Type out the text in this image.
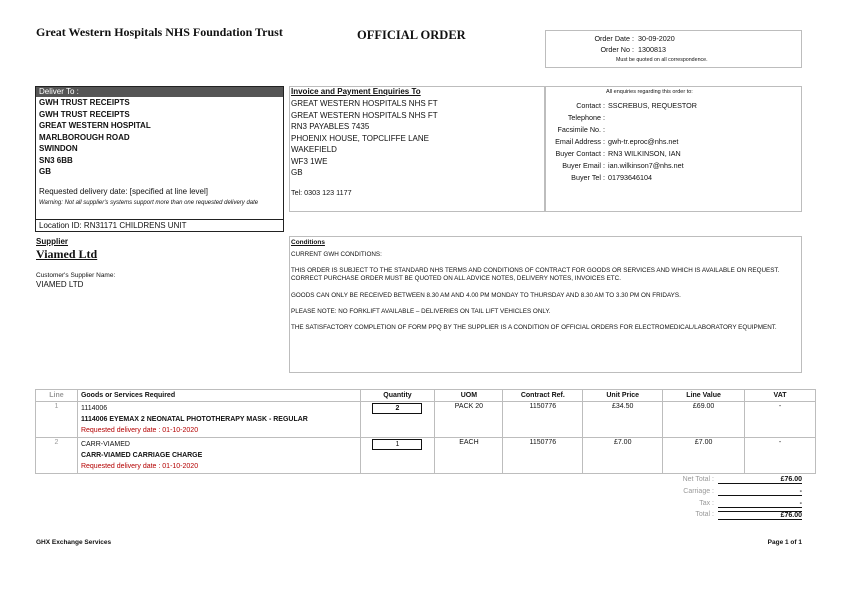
Great Western Hospitals NHS Foundation Trust	OFFICIAL ORDER	Order Date : 30-09-2020
Order No : 1300813
Must be quoted on all correspondence.
Deliver To :
GWH TRUST RECEIPTS
GWH TRUST RECEIPTS
GREAT WESTERN HOSPITAL
MARLBOROUGH ROAD
SWINDON
SN3 6BB
GB
Requested delivery date: [specified at line level]
Warning: Not all supplier's systems support more than one requested delivery date
Location ID: RN31171 CHILDRENS UNIT
Invoice and Payment Enquiries To
GREAT WESTERN HOSPITALS NHS FT
GREAT WESTERN HOSPITALS NHS FT
RN3 PAYABLES 7435
PHOENIX HOUSE, TOPCLIFFE LANE
WAKEFIELD
WF3 1WE
GB
Tel: 0303 123 1177
All enquiries regarding this order to:
Contact : SSCREBUS, REQUESTOR
Telephone :

Facsimile No. :

Email Address : gwh-tr.eproc@nhs.net
Buyer Contact : RN3 WILKINSON, IAN
Buyer Email : ian.wilkinson7@nhs.net
Buyer Tel : 01793646104
Supplier
Viamed Ltd
Customer's Supplier Name:
VIAMED LTD
Conditions
CURRENT GWH CONDITIONS:
THIS ORDER IS SUBJECT TO THE STANDARD NHS TERMS AND CONDITIONS OF CONTRACT FOR GOODS OR SERVICES AND WHICH IS AVAILABLE ON REQUEST.
CORRECT PURCHASE ORDER MUST BE QUOTED ON ALL ADVICE NOTES, DELIVERY NOTES, INVOICES ETC.
GOODS CAN ONLY BE RECEIVED BETWEEN 8.30 AM AND 4.00 PM MONDAY TO THURSDAY AND 8.30 AM TO 3.30 PM ON FRIDAYS.
PLEASE NOTE: NO FORKLIFT AVAILABLE – DELIVERIES ON TAIL LIFT VEHICLES ONLY.
THE SATISFACTORY COMPLETION OF FORM PPQ BY THE SUPPLIER IS A CONDITION OF OFFICIAL ORDERS FOR ELECTROMEDICAL/LABORATORY EQUIPMENT.
Line	Goods or Services Required	Quantity	UOM	Contract Ref.	Unit Price	Line Value	VAT
1	1114006
1114006 EYEMAX 2 NEONATAL PHOTOTHERAPY MASK - REGULAR
Requested delivery date : 01-10-2020	2	PACK 20	1150776	£34.50	£69.00	-
2	CARR-VIAMED
CARR-VIAMED CARRIAGE CHARGE
Requested delivery date : 01-10-2020	1	EACH	1150776	£7.00	£7.00	-
Net Total :	£76.00
Carriage :	-
Tax :	-
Total :	£76.00
GHX Exchange Services	Page 1 of 1
